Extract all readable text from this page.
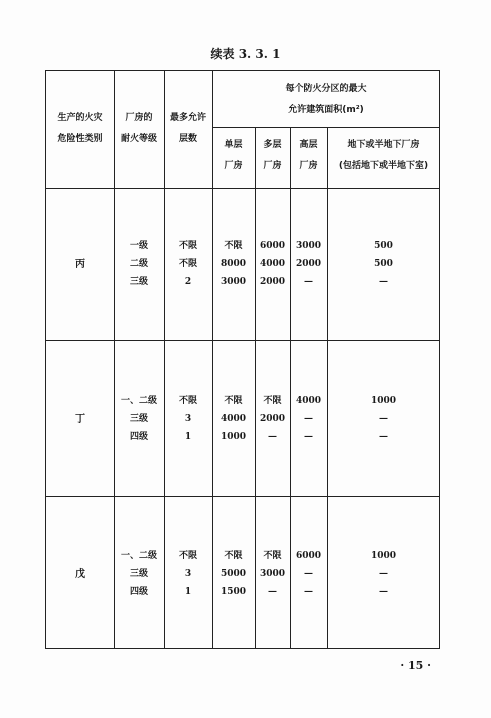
续表 3. 3. 1
生产的火灾
危险性类别
厂房的
耐火等级
最多允许
层数
每个防火分区的最大
允许建筑面积(m²)
单层
厂房
多层
厂房
高层
厂房
地下或半地下厂房
(包括地下或半地下室)
丙
一级
二级
三级
不限
不限
2
不限
8000
3000
6000
4000
2000
3000
2000
—
500
500
—
丁
一、二级
三级
四级
不限
3
1
不限
4000
1000
不限
2000
—
4000
—
—
1000
—
—
戊
一、二级
三级
四级
不限
3
1
不限
5000
1500
不限
3000
—
6000
—
—
1000
—
—
· 15 ·
